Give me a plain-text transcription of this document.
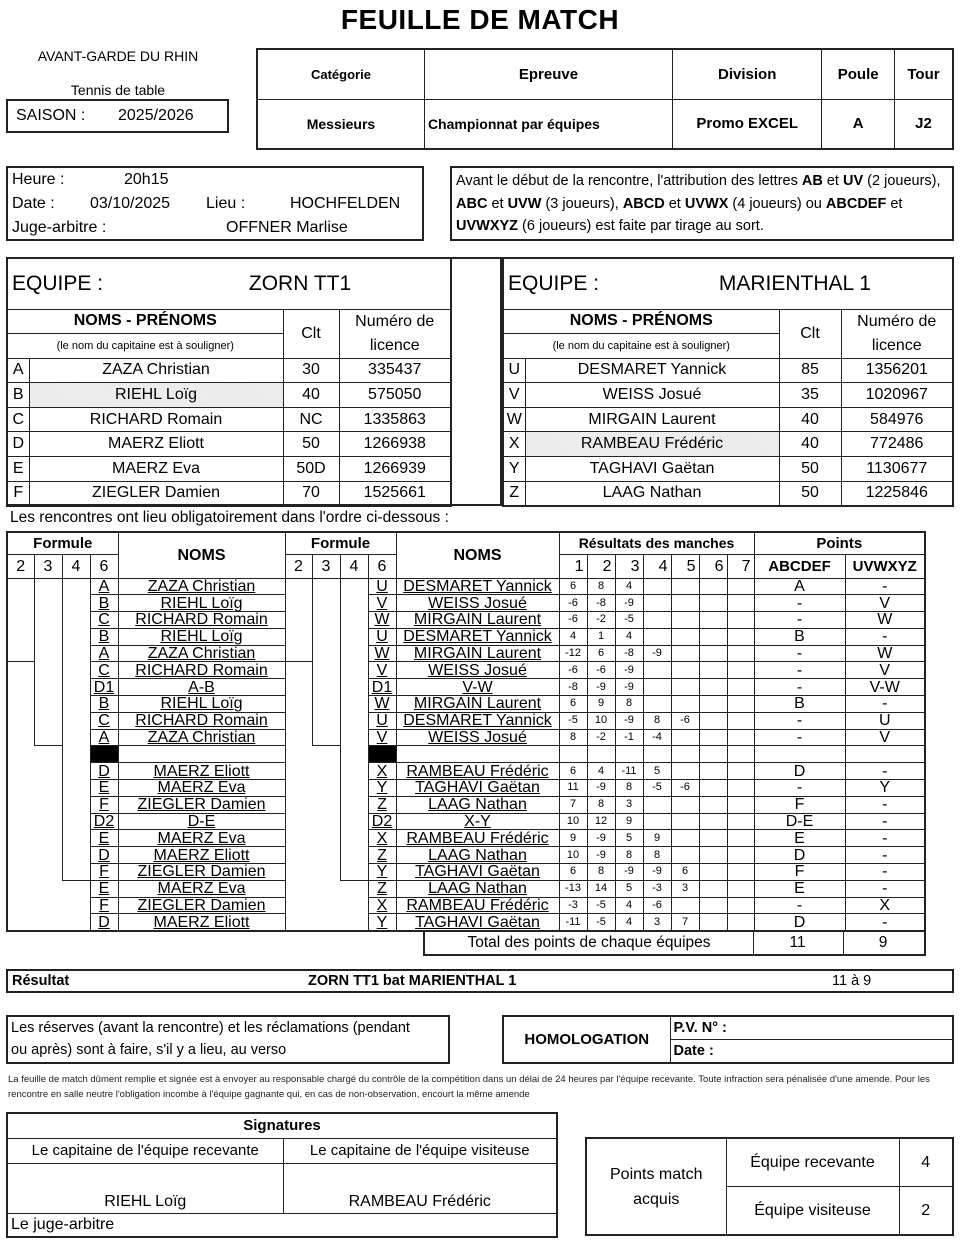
FEUILLE DE MATCH
AVANT-GARDE DU RHIN
Tennis de table
SAISON : 2025/2026
Catégorie	Epreuve	Division	Poule	Tour
Messieurs	Championnat par équipes	Promo EXCEL	A	J2
Heure :	20h15
Date : 03/10/2025 Lieu :	HOCHFELDEN
Juge-arbitre :	OFFNER Marlise
Avant le début de la rencontre, l'attribution des lettres AB et UV (2 joueurs), ABC et UVW (3 joueurs), ABCD et UVWX (4 joueurs) ou ABCDEF et UVWXYZ (6 joueurs) est faite par tirage au sort.
EQUIPE : ZORN TT1			
NOMS - PRÉNOMS		Clt	Numéro de
(le nom du capitaine est à souligner)			licence
A	ZAZA Christian	30	335437
B	RIEHL Loïg	40	575050
C	RICHARD Romain	NC	1335863
D	MAERZ Eliott	50	1266938
E	MAERZ Eva	50D	1266939
F	ZIEGLER Damien	70	1525661
EQUIPE : MARIENTHAL 1			
NOMS - PRÉNOMS		Clt	Numéro de
(le nom du capitaine est à souligner)			licence
U	DESMARET Yannick	85	1356201
V	WEISS Josué	35	1020967
W	MIRGAIN Laurent	40	584976
X	RAMBEAU Frédéric	40	772486
Y	TAGHAVI Gaëtan	50	1130677
Z	LAAG Nathan	50	1225846
Les rencontres ont lieu obligatoirement dans l'ordre ci-dessous :
Formule				NOMS	Formule				NOMS	Résultats des manches							Points	
2	3	4	6		2	3	4	6		1	2	3	4	5	6	7	ABCDEF	UVWXYZ
			A	ZAZA Christian				U	DESMARET Yannick	6	8	4					A	-
			B	RIEHL Loïg				V	WEISS Josué	-6	-8	-9					-	V
			C	RICHARD Romain				W	MIRGAIN Laurent	-6	-2	-5					-	W
			B	RIEHL Loïg				U	DESMARET Yannick	4	1	4					B	-
			A	ZAZA Christian				W	MIRGAIN Laurent	-12	6	-8	-9				-	W
			C	RICHARD Romain				V	WEISS Josué	-6	-6	-9					-	V
			D1	A-B				D1	V-W	-8	-9	-9					-	V-W
			B	RIEHL Loïg				W	MIRGAIN Laurent	6	9	8					B	-
			C	RICHARD Romain				U	DESMARET Yannick	-5	10	-9	8	-6			-	U
			A	ZAZA Christian				V	WEISS Josué	8	-2	-1	-4				-	V

			D	MAERZ Eliott				X	RAMBEAU Frédéric	6	4	-11	5				D	-
			E	MAERZ Eva				Y	TAGHAVI Gaëtan	11	-9	8	-5	-6			-	Y
			F	ZIEGLER Damien				Z	LAAG Nathan	7	8	3					F	-
			D2	D-E				D2	X-Y	10	12	9					D-E	-
			E	MAERZ Eva				X	RAMBEAU Frédéric	9	-9	5	9				E	-
			D	MAERZ Eliott				Z	LAAG Nathan	10	-9	8	8				D	-
			F	ZIEGLER Damien				Y	TAGHAVI Gaëtan	6	8	-9	-9	6			F	-
			E	MAERZ Eva				Z	LAAG Nathan	-13	14	5	-3	3			E	-
			F	ZIEGLER Damien				X	RAMBEAU Frédéric	-3	-5	4	-6				-	X
			D	MAERZ Eliott				Y	TAGHAVI Gaëtan	-11	-5	4	3	7			D	-
Total des points de chaque équipes	11	9
Résultat	ZORN TT1 bat MARIENTHAL 1	11 à 9
Les réserves (avant la rencontre) et les réclamations (pendant
ou après) sont à faire, s'il y a lieu, au verso
HOMOLOGATION	P.V. N° :
Date :
La feuille de match dûment remplie et signée est à envoyer au responsable chargé du contrôle de la compétition dans un délai de 24 heures par l'équipe recevante. Toute infraction sera pénalisée d'une amende. Pour les
rencontre en salle neutre l'obligation incombe à l'équipe gagnante qui, en cas de non-observation, encourt la même amende
Signatures	
Le capitaine de l'équipe recevante	Le capitaine de l'équipe visiteuse
RIEHL Loïg	RAMBEAU Frédéric
Le juge-arbitre	
Points match
acquis	Équipe recevante	4
	Équipe visiteuse	2
